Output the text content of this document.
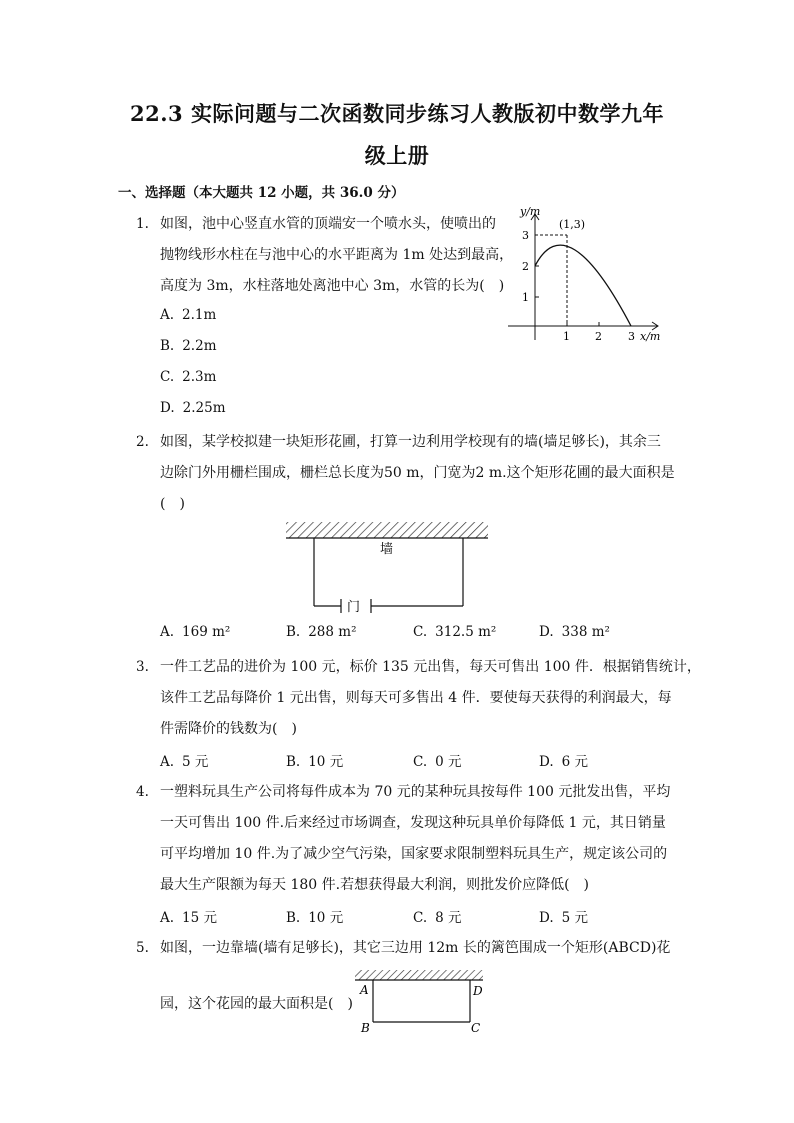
22.3 实际问题与二次函数同步练习人教版初中数学九年
级上册
一、选择题（本大题共 12 小题，共 36.0 分）
1. 如图，池中心竖直水管的顶端安一个喷水头，使喷出的
抛物线形水柱在与池中心的水平距离为 1m 处达到最高，
高度为 3m，水柱落地处离池中心 3m，水管的长为(　)
A. 2.1m
B. 2.2m
C. 2.3m
D. 2.25m
y/m
x/m
(1,3)
3
2
1
1 2 3
2. 如图，某学校拟建一块矩形花圃，打算一边利用学校现有的墙(墙足够长)，其余三
边除门外用栅栏围成，栅栏总长度为50 m，门宽为2 m.这个矩形花圃的最大面积是
(　)
墙
门
A. 169 m²	B. 288 m²	C. 312.5 m²	D. 338 m²
3. 一件工艺品的进价为 100 元，标价 135 元出售，每天可售出 100 件．根据销售统计，
该件工艺品每降价 1 元出售，则每天可多售出 4 件．要使每天获得的利润最大，每
件需降价的钱数为(　)
A. 5 元	B. 10 元	C. 0 元	D. 6 元
4. 一塑料玩具生产公司将每件成本为 70 元的某种玩具按每件 100 元批发出售，平均
一天可售出 100 件.后来经过市场调查，发现这种玩具单价每降低 1 元，其日销量
可平均增加 10 件.为了减少空气污染，国家要求限制塑料玩具生产，规定该公司的
最大生产限额为每天 180 件.若想获得最大利润，则批发价应降低(　)
A. 15 元	B. 10 元	C. 8 元	D. 5 元
5. 如图，一边靠墙(墙有足够长)，其它三边用 12m 长的篱笆围成一个矩形(ABCD)花
园，这个花园的最大面积是(　)
A	D
B	C
